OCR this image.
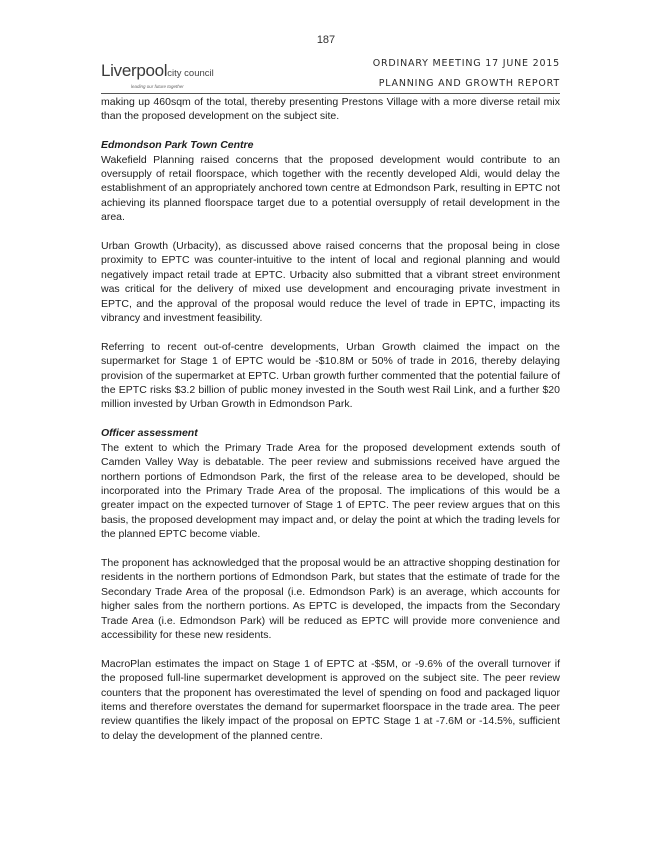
187
Liverpoolcity council
leading our future together
ORDINARY MEETING 17 JUNE 2015
PLANNING AND GROWTH REPORT

making up 460sqm of the total, thereby presenting Prestons Village with a more diverse retail mix than the proposed development on the subject site.

Edmondson Park Town Centre

Wakefield Planning raised concerns that the proposed development would contribute to an oversupply of retail floorspace, which together with the recently developed Aldi, would delay the establishment of an appropriately anchored town centre at Edmondson Park, resulting in EPTC not achieving its planned floorspace target due to a potential oversupply of retail development in the area.

Urban Growth (Urbacity), as discussed above raised concerns that the proposal being in close proximity to EPTC was counter-intuitive to the intent of local and regional planning and would negatively impact retail trade at EPTC. Urbacity also submitted that a vibrant street environment was critical for the delivery of mixed use development and encouraging private investment in EPTC, and the approval of the proposal would reduce the level of trade in EPTC, impacting its vibrancy and investment feasibility.

Referring to recent out-of-centre developments, Urban Growth claimed the impact on the supermarket for Stage 1 of EPTC would be -$10.8M or 50% of trade in 2016, thereby delaying provision of the supermarket at EPTC. Urban growth further commented that the potential failure of the EPTC risks $3.2 billion of public money invested in the South west Rail Link, and a further $20 million invested by Urban Growth in Edmondson Park.

Officer assessment

The extent to which the Primary Trade Area for the proposed development extends south of Camden Valley Way is debatable. The peer review and submissions received have argued the northern portions of Edmondson Park, the first of the release area to be developed, should be incorporated into the Primary Trade Area of the proposal. The implications of this would be a greater impact on the expected turnover of Stage 1 of EPTC. The peer review argues that on this basis, the proposed development may impact and, or delay the point at which the trading levels for the planned EPTC become viable.

The proponent has acknowledged that the proposal would be an attractive shopping destination for residents in the northern portions of Edmondson Park, but states that the estimate of trade for the Secondary Trade Area of the proposal (i.e. Edmondson Park) is an average, which accounts for higher sales from the northern portions. As EPTC is developed, the impacts from the Secondary Trade Area (i.e. Edmondson Park) will be reduced as EPTC will provide more convenience and accessibility for these new residents.

MacroPlan estimates the impact on Stage 1 of EPTC at -$5M, or -9.6% of the overall turnover if the proposed full-line supermarket development is approved on the subject site. The peer review counters that the proponent has overestimated the level of spending on food and packaged liquor items and therefore overstates the demand for supermarket floorspace in the trade area. The peer review quantifies the likely impact of the proposal on EPTC Stage 1 at -7.6M or -14.5%, sufficient to delay the development of the planned centre.
